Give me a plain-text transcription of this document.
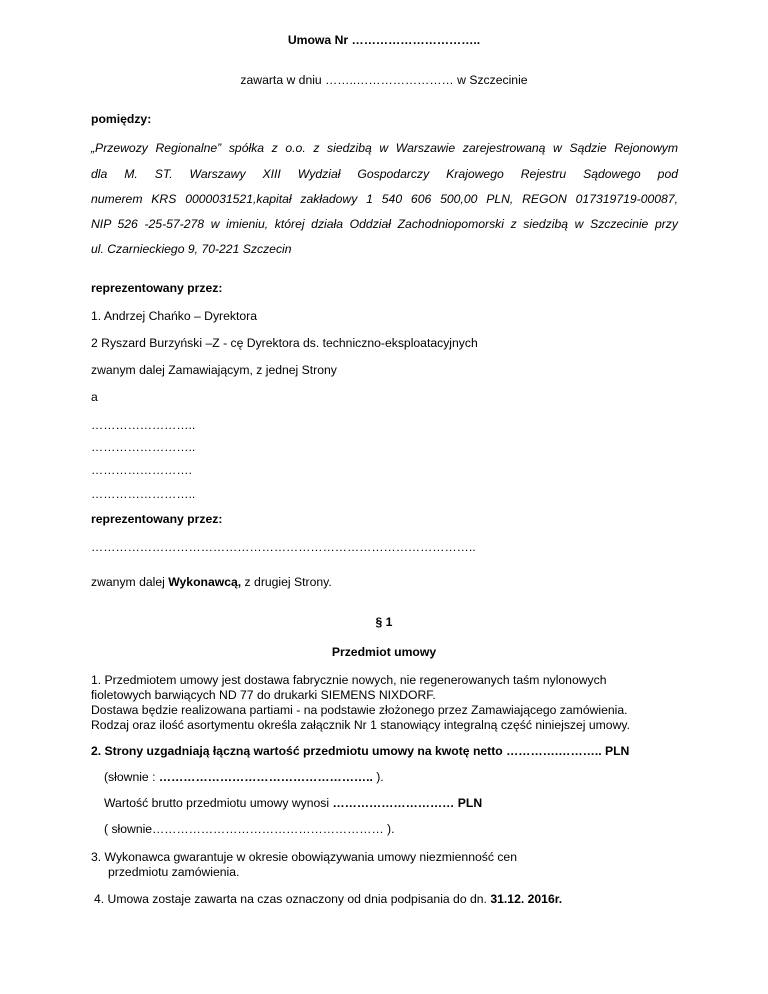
Umowa Nr …………………………..
zawarta w dniu ……..…………………… w Szczecinie
pomiędzy:
„Przewozy Regionalne” spółka z o.o. z siedzibą w Warszawie zarejestrowaną w Sądzie Rejonowym
dla M. ST. Warszawy XIII Wydział Gospodarczy Krajowego Rejestru Sądowego pod
numerem KRS 0000031521,kapitał zakładowy 1 540 606 500,00 PLN, REGON 017319719-00087,
NIP 526 -25-57-278 w imieniu, której działa Oddział Zachodniopomorski z siedzibą w Szczecinie przy
ul. Czarnieckiego 9, 70-221 Szczecin
reprezentowany przez:
1. Andrzej Chańko – Dyrektora
2 Ryszard Burzyński –Z - cę Dyrektora ds. techniczno-eksploatacyjnych
zwanym dalej Zamawiającym, z jednej Strony
a
……………………..
……………………..
…………………….
……………………..
reprezentowany przez:
…………………………………………………………………………………..
zwanym dalej Wykonawcą, z drugiej Strony.
§ 1
Przedmiot umowy
1. Przedmiotem umowy jest dostawa fabrycznie nowych, nie regenerowanych taśm nylonowych
fioletowych barwiących ND 77 do drukarki SIEMENS NIXDORF.
Dostawa będzie realizowana partiami - na podstawie złożonego przez Zamawiającego zamówienia.
Rodzaj oraz ilość asortymentu określa załącznik Nr 1 stanowiący integralną część niniejszej umowy.
2. Strony uzgadniają łączną wartość przedmiotu umowy na kwotę netto ………….……….. PLN
(słownie : …………………………………………….. ).
Wartość brutto przedmiotu umowy wynosi ………………………… PLN
( słownie………………………………………………… ).
3. Wykonawca gwarantuje w okresie obowiązywania umowy niezmienność cen
przedmiotu zamówienia.
4. Umowa zostaje zawarta na czas oznaczony od dnia podpisania do dn. 31.12. 2016r.
